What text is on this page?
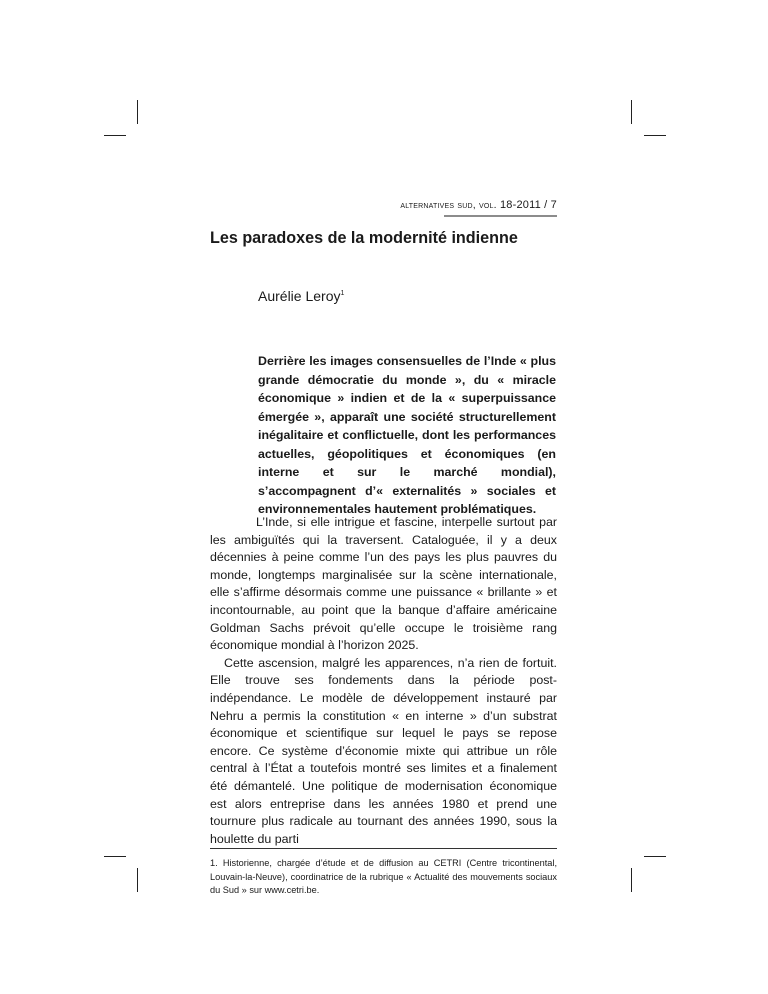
alternatives sud, vol. 18-2011 / 7
Les paradoxes de la modernité indienne
Aurélie Leroy$^1$
Derrière les images consensuelles de l’Inde « plus grande démocratie du monde », du « miracle économique » indien et de la « superpuissance émergée », apparaît une société structurellement inégalitaire et conflictuelle, dont les performances actuelles, géopolitiques et économiques (en interne et sur le marché mondial), s’accompagnent d’« externalités » sociales et environnementales hautement problématiques.

L’Inde, si elle intrigue et fascine, interpelle surtout par les ambiguïtés qui la traversent. Cataloguée, il y a deux décennies à peine comme l’un des pays les plus pauvres du monde, longtemps marginalisée sur la scène internationale, elle s’affirme désormais comme une puissance « brillante » et incontournable, au point que la banque d’affaire américaine Goldman Sachs prévoit qu’elle occupe le troisième rang économique mondial à l’horizon 2025.

Cette ascension, malgré les apparences, n’a rien de fortuit. Elle trouve ses fondements dans la période post-indépendance. Le modèle de développement instauré par Nehru a permis la constitution « en interne » d’un substrat économique et scientifique sur lequel le pays se repose encore. Ce système d’économie mixte qui attribue un rôle central à l’État a toutefois montré ses limites et a finalement été démantelé. Une politique de modernisation économique est alors entreprise dans les années 1980 et prend une tournure plus radicale au tournant des années 1990, sous la houlette du parti

1. Historienne, chargée d’étude et de diffusion au CETRI (Centre tricontinental, Louvain-la-Neuve), coordinatrice de la rubrique « Actualité des mouvements sociaux du Sud » sur www.cetri.be.
